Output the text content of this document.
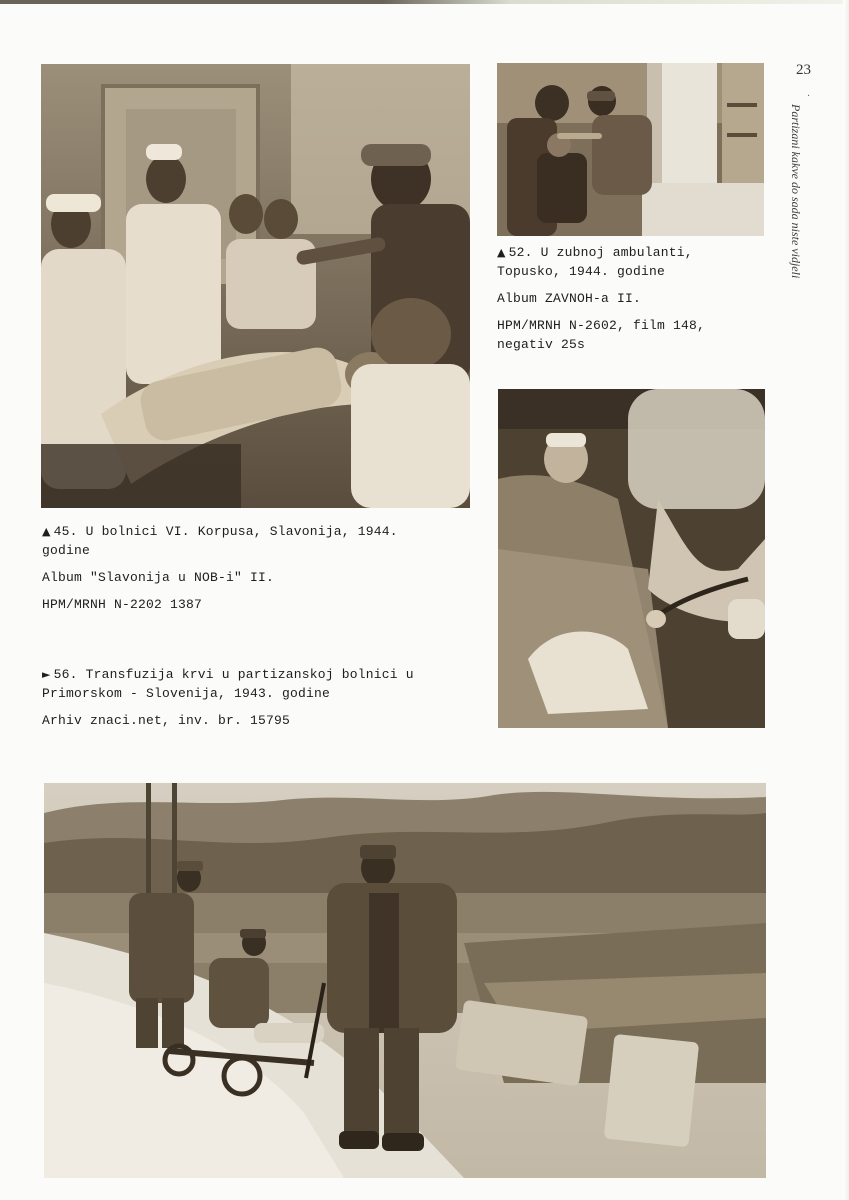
23
·
Partizani kakve do sada niste vidjeli

▲ 45. U bolnici VI. Korpusa, Slavonija, 1944.

godine

Album "Slavonija u NOB-i" II.

HPM/MRNH N-2202 1387

▲ 52. U zubnoj ambulanti,

Topusko, 1944. godine

Album ZAVNOH-a II.

HPM/MRNH N-2602, film 148,

negativ 25s

► 56. Transfuzija krvi u partizanskoj bolnici u

Primorskom - Slovenija, 1943. godine

Arhiv znaci.net, inv. br. 15795
